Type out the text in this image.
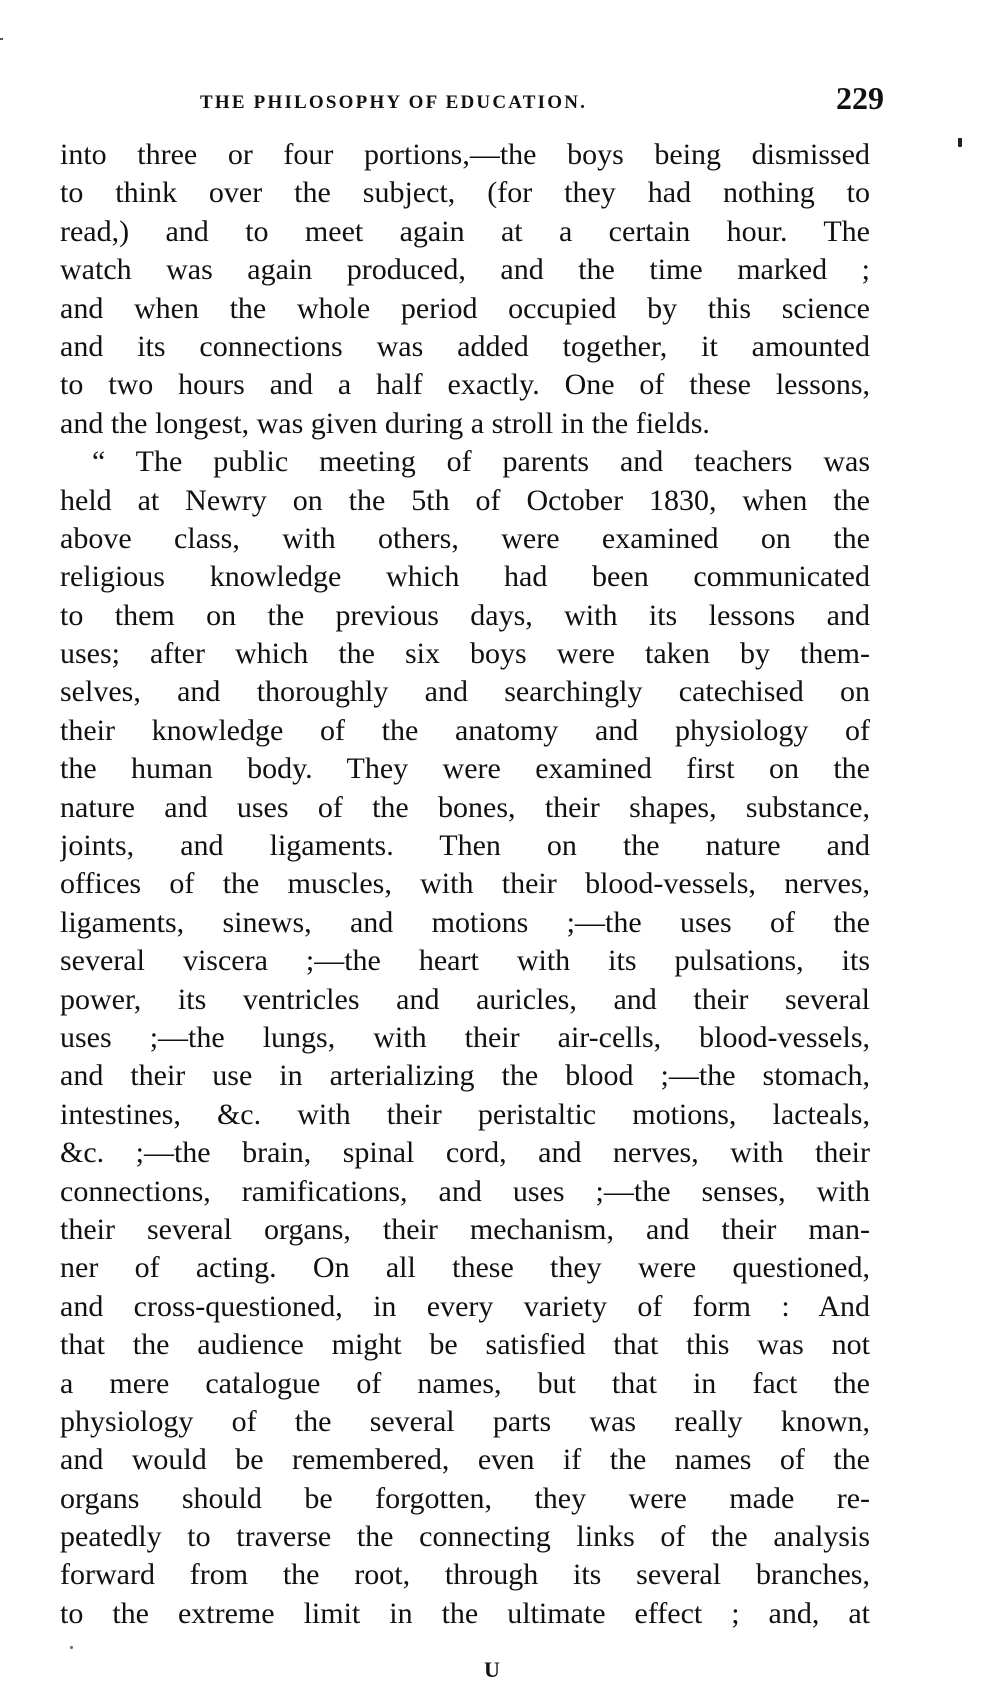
THE PHILOSOPHY OF EDUCATION.	229
into three or four portions,—the boys being dismissed
to think over the subject, (for they had nothing to
read,) and to meet again at a certain hour. The
watch was again produced, and the time marked ;
and when the whole period occupied by this science
and its connections was added together, it amounted
to two hours and a half exactly. One of these lessons,
and the longest, was given during a stroll in the fields.
“ The public meeting of parents and teachers was
held at Newry on the 5th of October 1830, when the
above class, with others, were examined on the
religious knowledge which had been communicated
to them on the previous days, with its lessons and
uses; after which the six boys were taken by them-
selves, and thoroughly and searchingly catechised on
their knowledge of the anatomy and physiology of
the human body. They were examined first on the
nature and uses of the bones, their shapes, substance,
joints, and ligaments. Then on the nature and
offices of the muscles, with their blood-vessels, nerves,
ligaments, sinews, and motions ;—the uses of the
several viscera ;—the heart with its pulsations, its
power, its ventricles and auricles, and their several
uses ;—the lungs, with their air-cells, blood-vessels,
and their use in arterializing the blood ;—the stomach,
intestines, &c. with their peristaltic motions, lacteals,
&c. ;—the brain, spinal cord, and nerves, with their
connections, ramifications, and uses ;—the senses, with
their several organs, their mechanism, and their man-
ner of acting. On all these they were questioned,
and cross-questioned, in every variety of form : And
that the audience might be satisfied that this was not
a mere catalogue of names, but that in fact the
physiology of the several parts was really known,
and would be remembered, even if the names of the
organs should be forgotten, they were made re-
peatedly to traverse the connecting links of the analysis
forward from the root, through its several branches,
to the extreme limit in the ultimate effect ; and, at
U
